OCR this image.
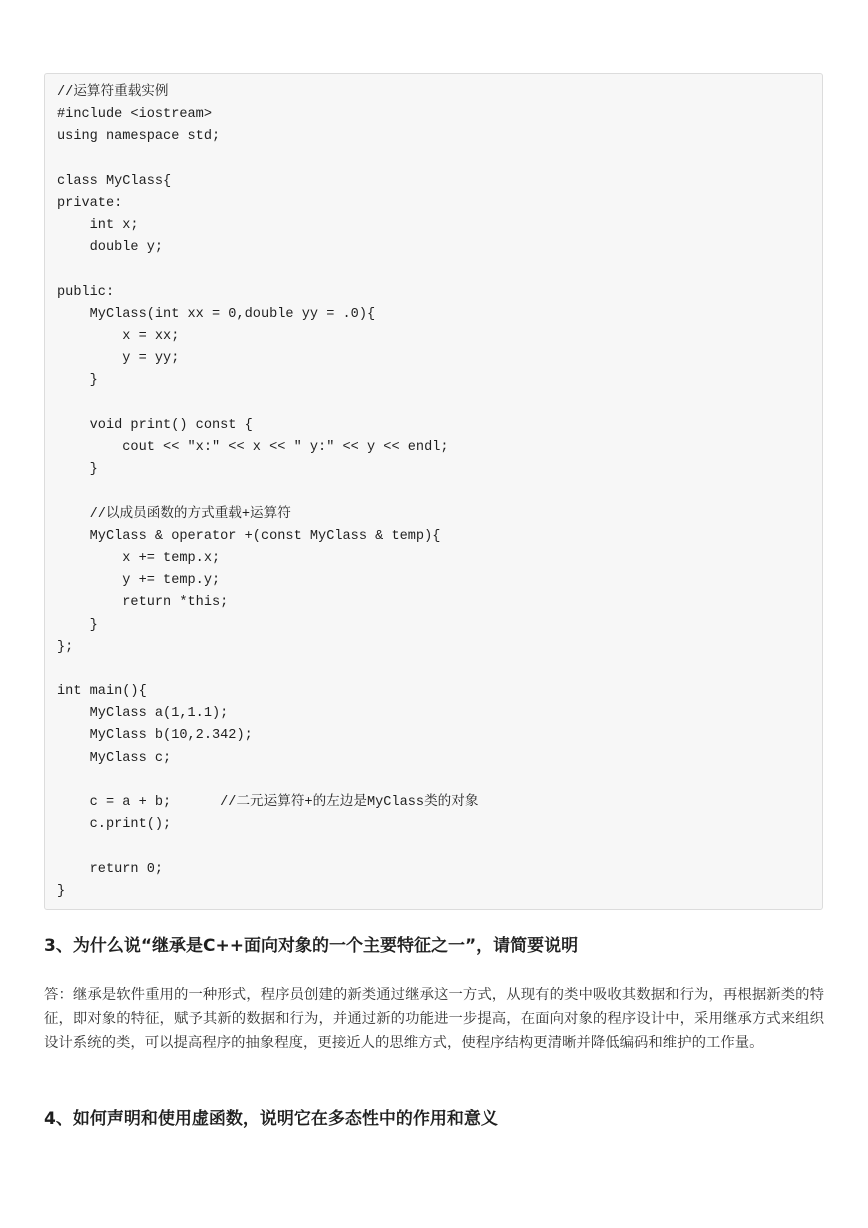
//运算符重载实例
#include <iostream>
using namespace std;
class MyClass{
private:
int x;
double y;
public:
MyClass(int xx = 0,double yy = .0){
x = xx;
y = yy;
}
void print() const {
cout << "x:" << x << " y:" << y << endl;
}
//以成员函数的方式重载+运算符
MyClass & operator +(const MyClass & temp){
x += temp.x;
y += temp.y;
return *this;
}
};
int main(){
MyClass a(1,1.1);
MyClass b(10,2.342);
MyClass c;
c = a + b;      //二元运算符+的左边是MyClass类的对象
c.print();
return 0;
}
3、为什么说“继承是C++面向对象的一个主要特征之一”，请简要说明

答：继承是软件重用的一种形式，程序员创建的新类通过继承这一方式，从现有的类中吸收其数据和行为，再根据新类的特征，即对象的特征，赋予其新的数据和行为，并通过新的功能进一步提高，在面向对象的程序设计中，采用继承方式来组织设计系统的类，可以提高程序的抽象程度，更接近人的思维方式，使程序结构更清晰并降低编码和维护的工作量。

4、如何声明和使用虚函数，说明它在多态性中的作用和意义
